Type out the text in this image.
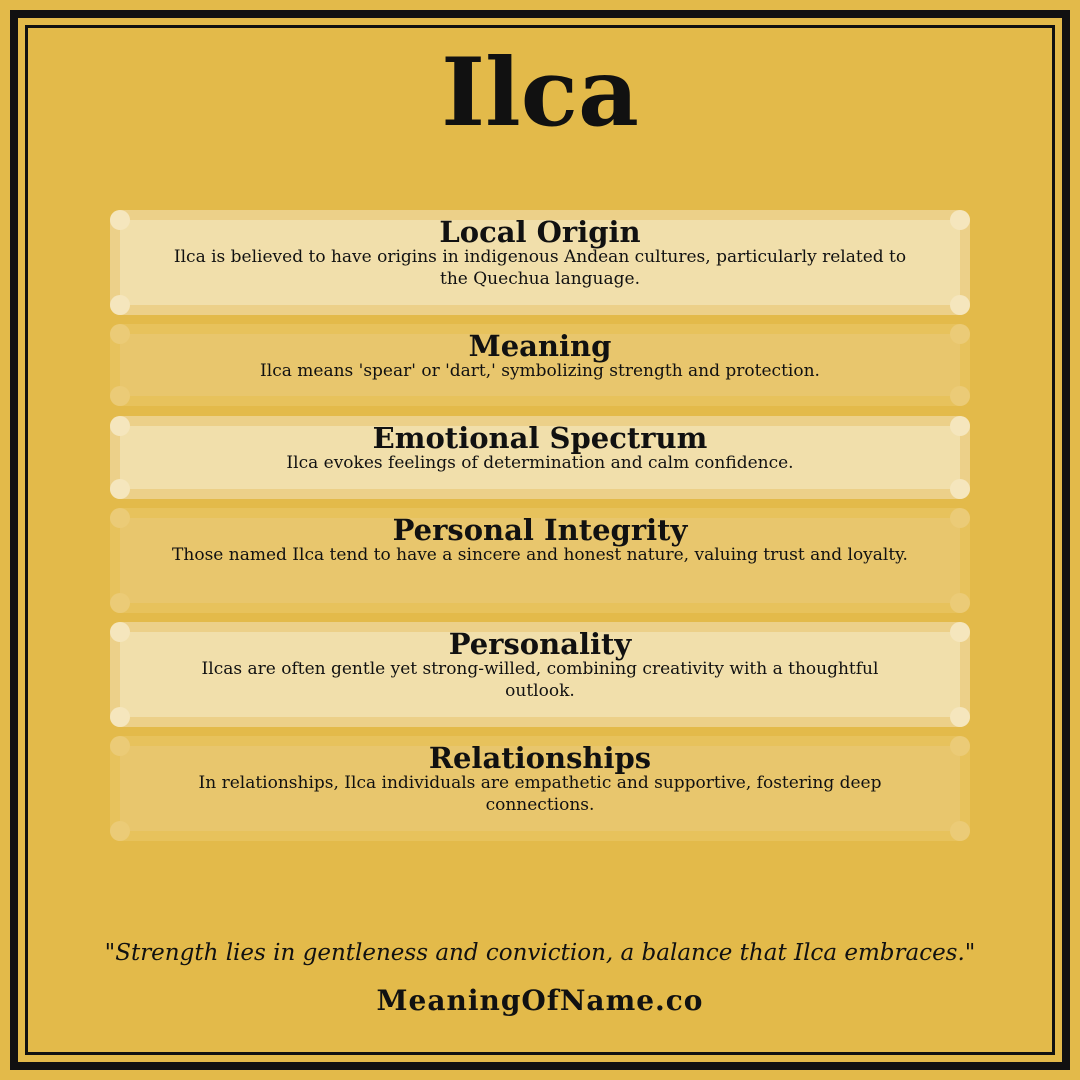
Ilca
Local Origin
Ilca is believed to have origins in indigenous Andean cultures, particularly related to the Quechua language.
Meaning
Ilca means 'spear' or 'dart,' symbolizing strength and protection.
Emotional Spectrum
Ilca evokes feelings of determination and calm confidence.
Personal Integrity
Those named Ilca tend to have a sincere and honest nature, valuing trust and loyalty.
Personality
Ilcas are often gentle yet strong-willed, combining creativity with a thoughtful outlook.
Relationships
In relationships, Ilca individuals are empathetic and supportive, fostering deep connections.
"Strength lies in gentleness and conviction, a balance that Ilca embraces."
MeaningOfName.co
